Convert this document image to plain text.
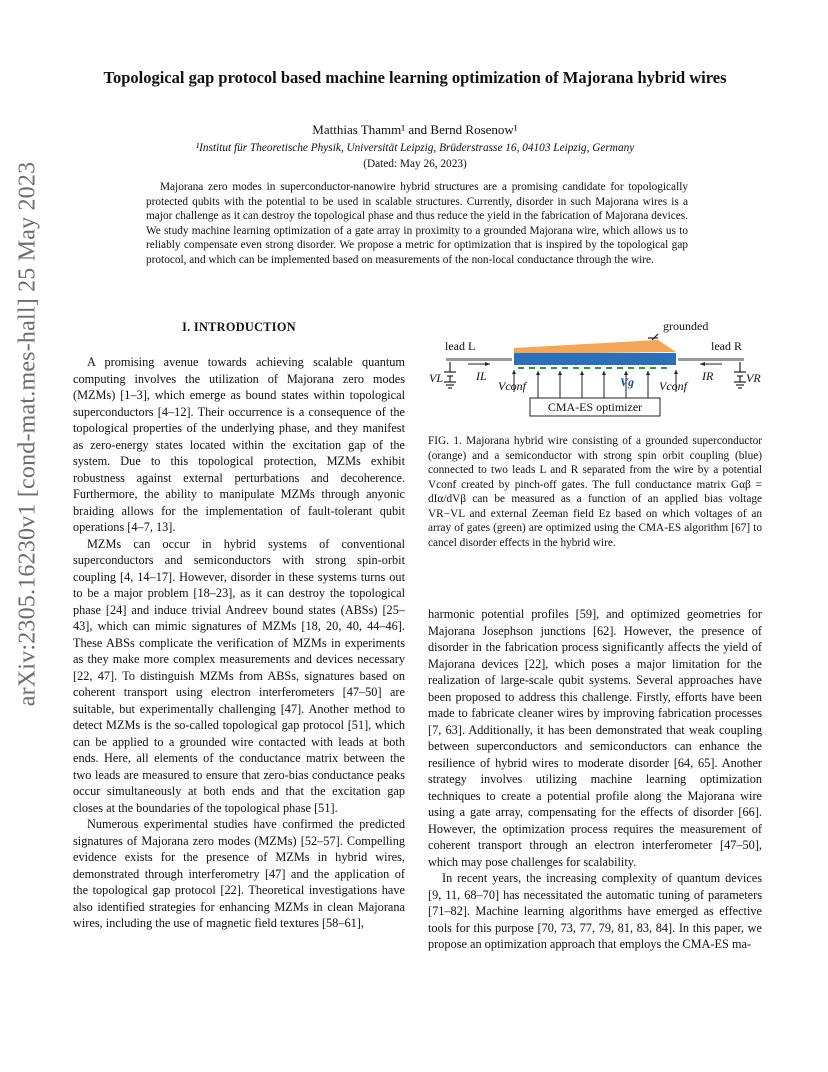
arXiv:2305.16230v1 [cond-mat.mes-hall] 25 May 2023
Topological gap protocol based machine learning optimization of Majorana hybrid wires
Matthias Thamm¹ and Bernd Rosenow¹
¹Institut für Theoretische Physik, Universität Leipzig, Brüderstrasse 16, 04103 Leipzig, Germany
(Dated: May 26, 2023)
Majorana zero modes in superconductor-nanowire hybrid structures are a promising candidate for topologically protected qubits with the potential to be used in scalable structures. Currently, disorder in such Majorana wires is a major challenge as it can destroy the topological phase and thus reduce the yield in the fabrication of Majorana devices. We study machine learning optimization of a gate array in proximity to a grounded Majorana wire, which allows us to reliably compensate even strong disorder. We propose a metric for optimization that is inspired by the topological gap protocol, and which can be implemented based on measurements of the non-local conductance through the wire.
I. INTRODUCTION

A promising avenue towards achieving scalable quantum computing involves the utilization of Majorana zero modes (MZMs) [1–3], which emerge as bound states within topological superconductors [4–12]. Their occurrence is a consequence of the topological properties of the underlying phase, and they manifest as zero-energy states located within the excitation gap of the system. Due to this topological protection, MZMs exhibit robustness against external perturbations and decoherence. Furthermore, the ability to manipulate MZMs through anyonic braiding allows for the implementation of fault-tolerant qubit operations [4–7, 13].

MZMs can occur in hybrid systems of conventional superconductors and semiconductors with strong spin-orbit coupling [4, 14–17]. However, disorder in these systems turns out to be a major problem [18–23], as it can destroy the topological phase [24] and induce trivial Andreev bound states (ABSs) [25–43], which can mimic signatures of MZMs [18, 20, 40, 44–46]. These ABSs complicate the verification of MZMs in experiments as they make more complex measurements and devices necessary [22, 47]. To distinguish MZMs from ABSs, signatures based on coherent transport using electron interferometers [47–50] are suitable, but experimentally challenging [47]. Another method to detect MZMs is the so-called topological gap protocol [51], which can be applied to a grounded wire contacted with leads at both ends. Here, all elements of the conductance matrix between the two leads are measured to ensure that zero-bias conductance peaks occur simultaneously at both ends and that the excitation gap closes at the boundaries of the topological phase [51].

Numerous experimental studies have confirmed the predicted signatures of Majorana zero modes (MZMs) [52–57]. Compelling evidence exists for the presence of MZMs in hybrid wires, demonstrated through interferometry [47] and the application of the topological gap protocol [22]. Theoretical investigations have also identified strategies for enhancing MZMs in clean Majorana wires, including the use of magnetic field textures [58–61],

grounded
lead L	lead R
VL	VR
IL	IR
Vconf	Vconf
Vg
CMA-ES optimizer
FIG. 1. Majorana hybrid wire consisting of a grounded superconductor (orange) and a semiconductor with strong spin orbit coupling (blue) connected to two leads L and R separated from the wire by a potential Vconf created by pinch-off gates. The full conductance matrix Gαβ = dIα/dVβ can be measured as a function of an applied bias voltage VR−VL and external Zeeman field Ez based on which voltages of an array of gates (green) are optimized using the CMA-ES algorithm [67] to cancel disorder effects in the hybrid wire.

harmonic potential profiles [59], and optimized geometries for Majorana Josephson junctions [62]. However, the presence of disorder in the fabrication process significantly affects the yield of Majorana devices [22], which poses a major limitation for the realization of large-scale qubit systems. Several approaches have been proposed to address this challenge. Firstly, efforts have been made to fabricate cleaner wires by improving fabrication processes [7, 63]. Additionally, it has been demonstrated that weak coupling between superconductors and semiconductors can enhance the resilience of hybrid wires to moderate disorder [64, 65]. Another strategy involves utilizing machine learning optimization techniques to create a potential profile along the Majorana wire using a gate array, compensating for the effects of disorder [66]. However, the optimization process requires the measurement of coherent transport through an electron interferometer [47–50], which may pose challenges for scalability.

In recent years, the increasing complexity of quantum devices [9, 11, 68–70] has necessitated the automatic tuning of parameters [71–82]. Machine learning algorithms have emerged as effective tools for this purpose [70, 73, 77, 79, 81, 83, 84]. In this paper, we propose an optimization approach that employs the CMA-ES ma-
